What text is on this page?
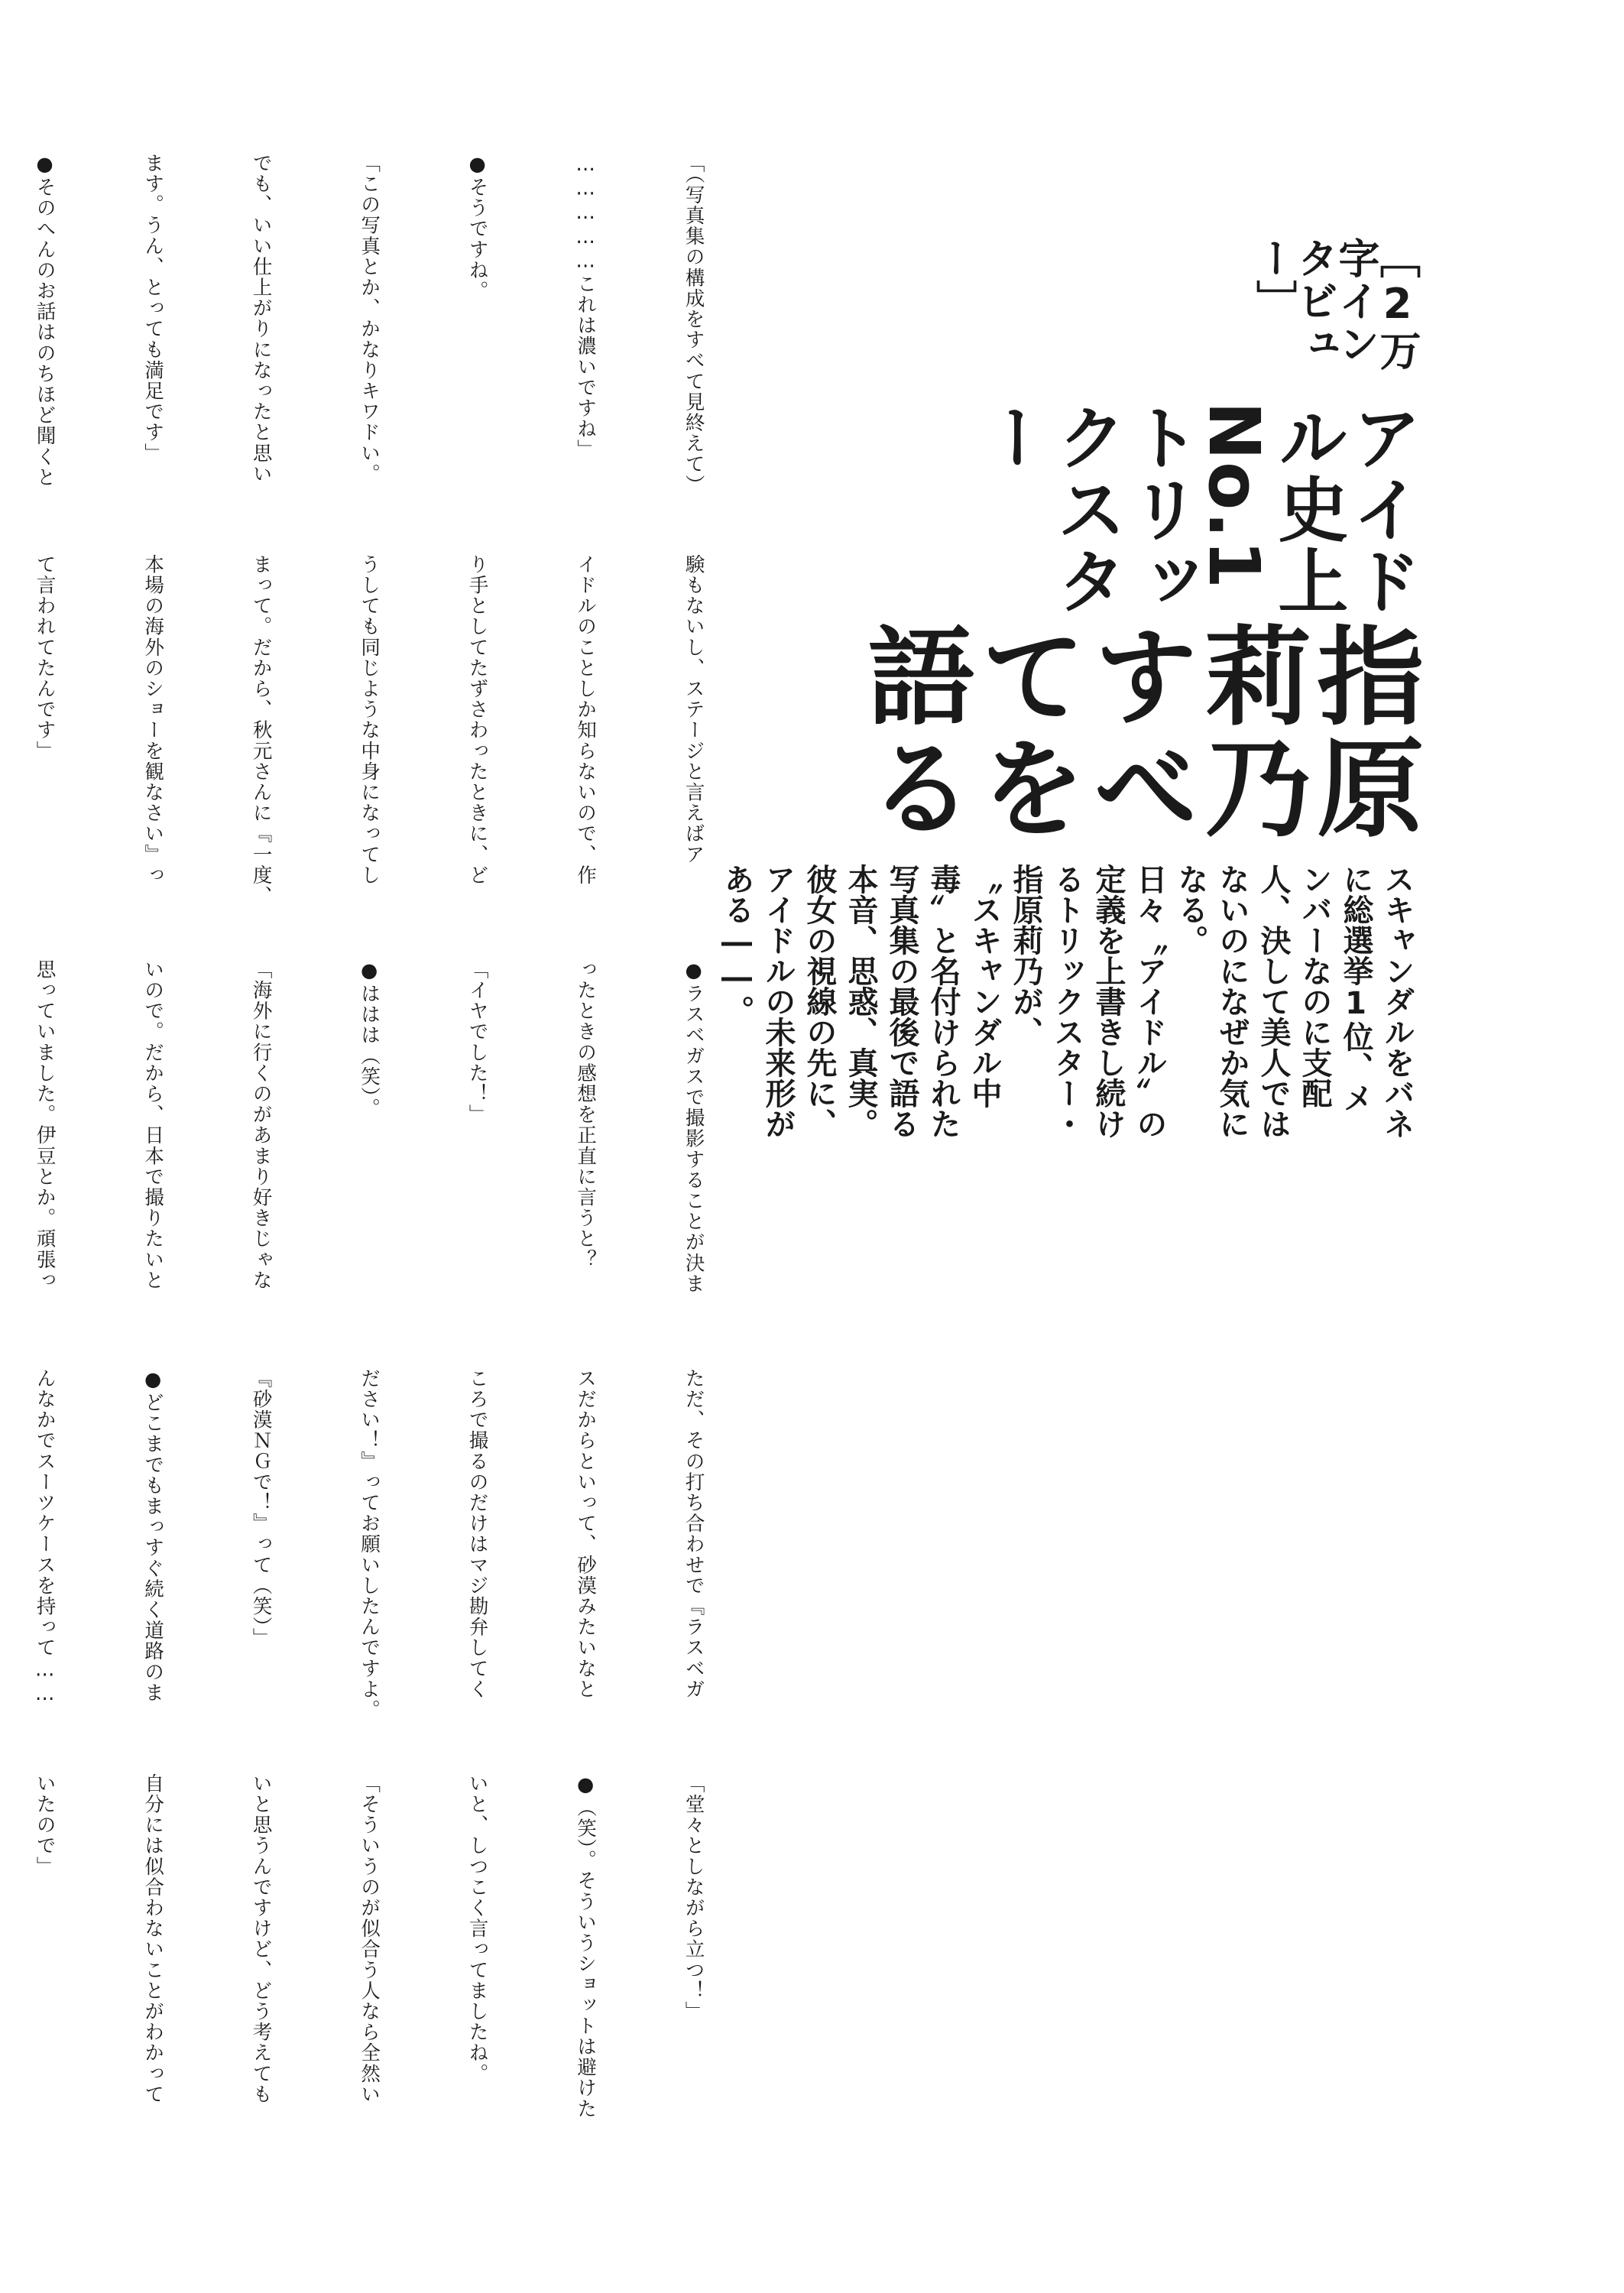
［2万字インタビュー］
アイドル史上No.1トリックスター
指原莉乃 すべてを語る

スキャンダルをバネに総選挙1位、メンバーなのに支配人、決して美人ではないのになぜか気になる。

日々〝アイドル〟の定義を上書きし続けるトリックスター・指原莉乃が、

〝スキャンダル中毒〟と名付けられた写真集の最後で語る本音、思惑、真実。

彼女の視線の先に、アイドルの未来形がある――。

「（写真集の構成をすべて見終えて）

……………これは濃いですね」

●そうですね。

「この写真とか、かなりキワドい。

でも、いい仕上がりになったと思い

ます。うん、とっても満足です」

●そのへんのお話はのちほど聞くと

験もないし、ステージと言えばア

イドルのことしか知らないので、作

り手としてたずさわったときに、ど

うしても同じような中身になってし

まって。だから、秋元さんに『一度、

本場の海外のショーを観なさい』っ

て言われてたんです」

●ラスベガスで撮影することが決ま

ったときの感想を正直に言うと？

「イヤでした！」

●ははは（笑）。

「海外に行くのがあまり好きじゃな

いので。だから、日本で撮りたいと

思っていました。伊豆とか。頑張っ

ただ、その打ち合わせで『ラスベガ

スだからといって、砂漠みたいなと

ころで撮るのだけはマジ勘弁してく

ださい！』ってお願いしたんですよ。

『砂漠ＮＧで！』って（笑）」

●どこまでもまっすぐ続く道路のま

んなかでスーツケースを持って……

「堂々としながら立つ！」

●（笑）。そういうショットは避けた

いと、しつこく言ってましたね。

「そういうのが似合う人なら全然い

いと思うんですけど、どう考えても

自分には似合わないことがわかって

いたので」
